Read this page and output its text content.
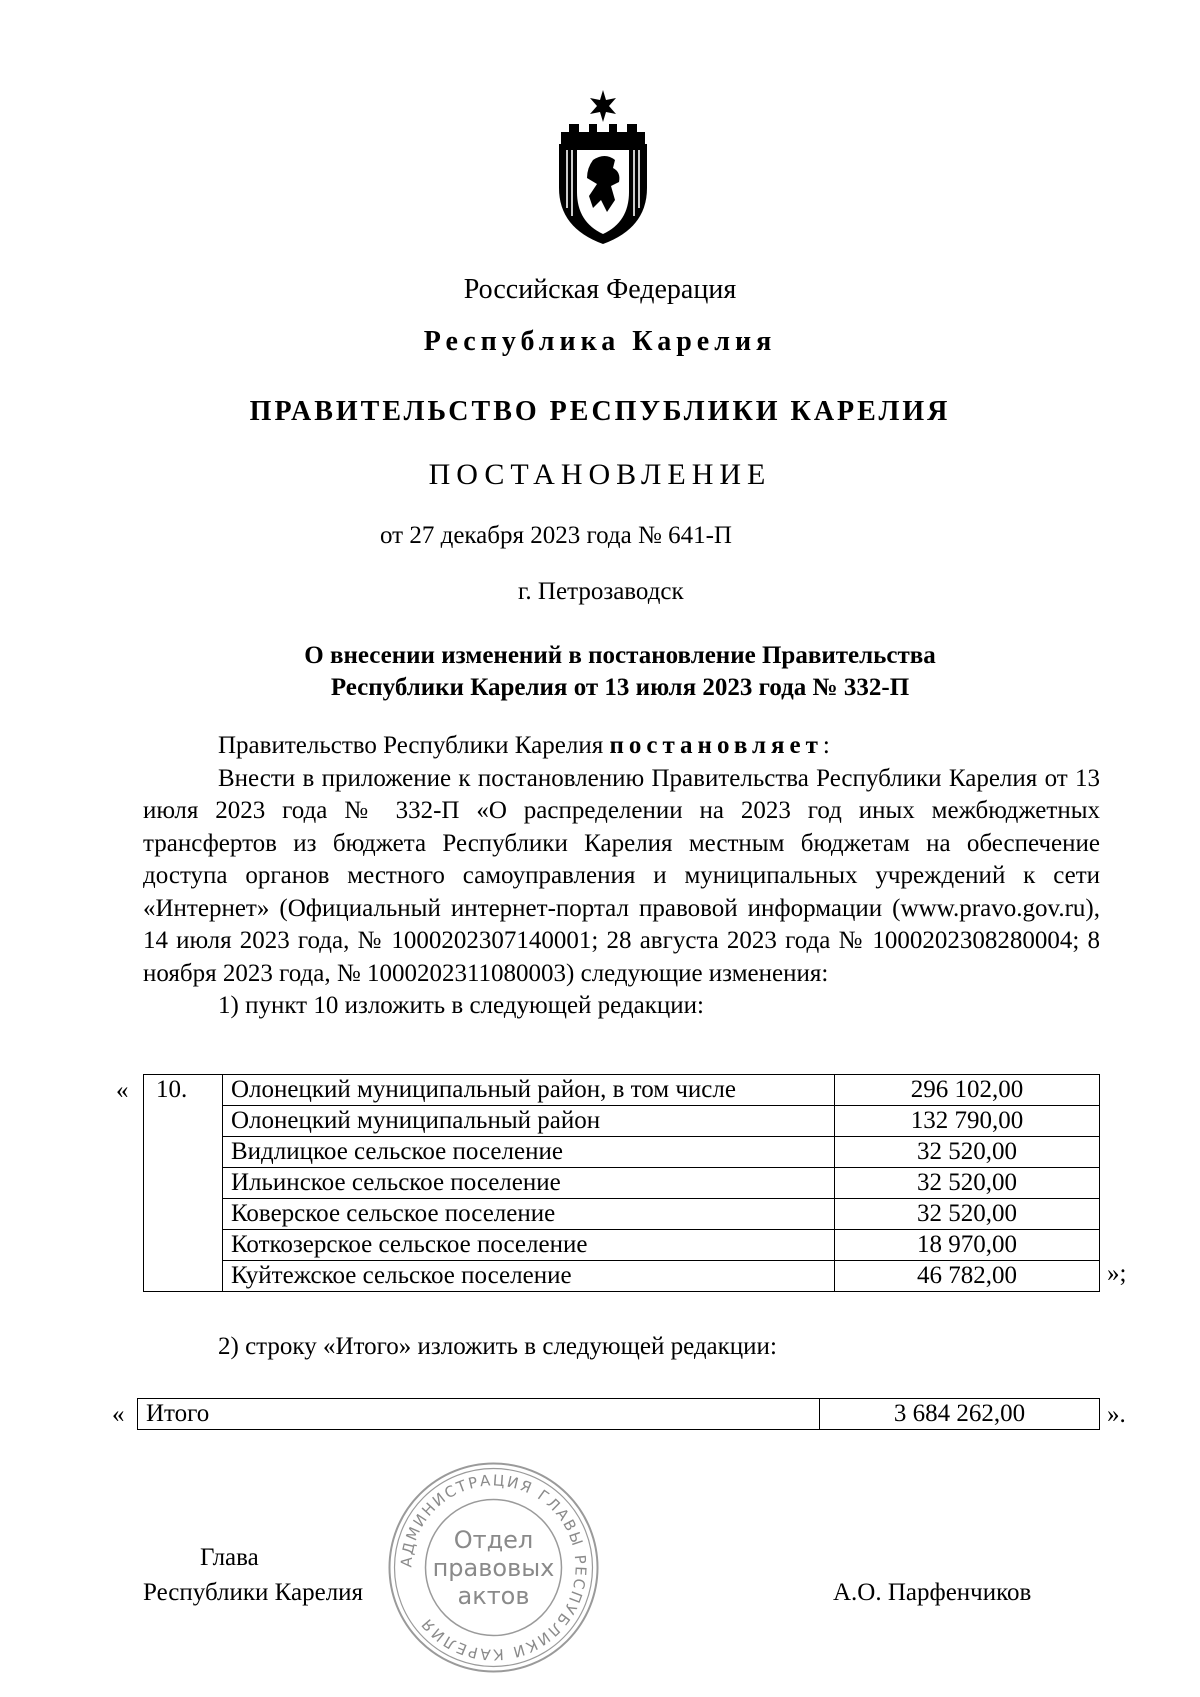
Российская Федерация
Республика Карелия
ПРАВИТЕЛЬСТВО РЕСПУБЛИКИ КАРЕЛИЯ
ПОСТАНОВЛЕНИЕ
от 27 декабря 2023 года № 641-П
г. Петрозаводск
О внесении изменений в постановление Правительства
Республики Карелия от 13 июля 2023 года № 332-П

Правительство Республики Карелия постановляет:

Внести в приложение к постановлению Правительства Республики Карелия от 13 июля 2023 года № 332-П «О распределении на 2023 год иных межбюджетных трансфертов из бюджета Республики Карелия местным бюджетам на обеспечение доступа органов местного самоуправления и муниципальных учреждений к сети «Интернет» (Официальный интернет-портал правовой информации (www.pravo.gov.ru), 14 июля 2023 года, № 1000202307140001; 28 августа 2023 года № 1000202308280004; 8 ноября 2023 года, № 1000202311080003) следующие изменения:

1) пункт 10 изложить в следующей редакции:

« 10.	Олонецкий муниципальный район, в том числе	296 102,00
	Олонецкий муниципальный район	132 790,00
	Видлицкое сельское поселение	32 520,00
	Ильинское сельское поселение	32 520,00
	Коверское сельское поселение	32 520,00
	Коткозерское сельское поселение	18 970,00
	Куйтежское сельское поселение	46 782,00	»;
2) строку «Итого» изложить в следующей редакции:
« Итого	3 684 262,00	».
АДМИНИСТРАЦИЯ ГЛАВЫ РЕСПУБЛИКИ КАРЕЛИЯ
Отдел
правовых
актов
Глава
Республики Карелия	А.О. Парфенчиков
